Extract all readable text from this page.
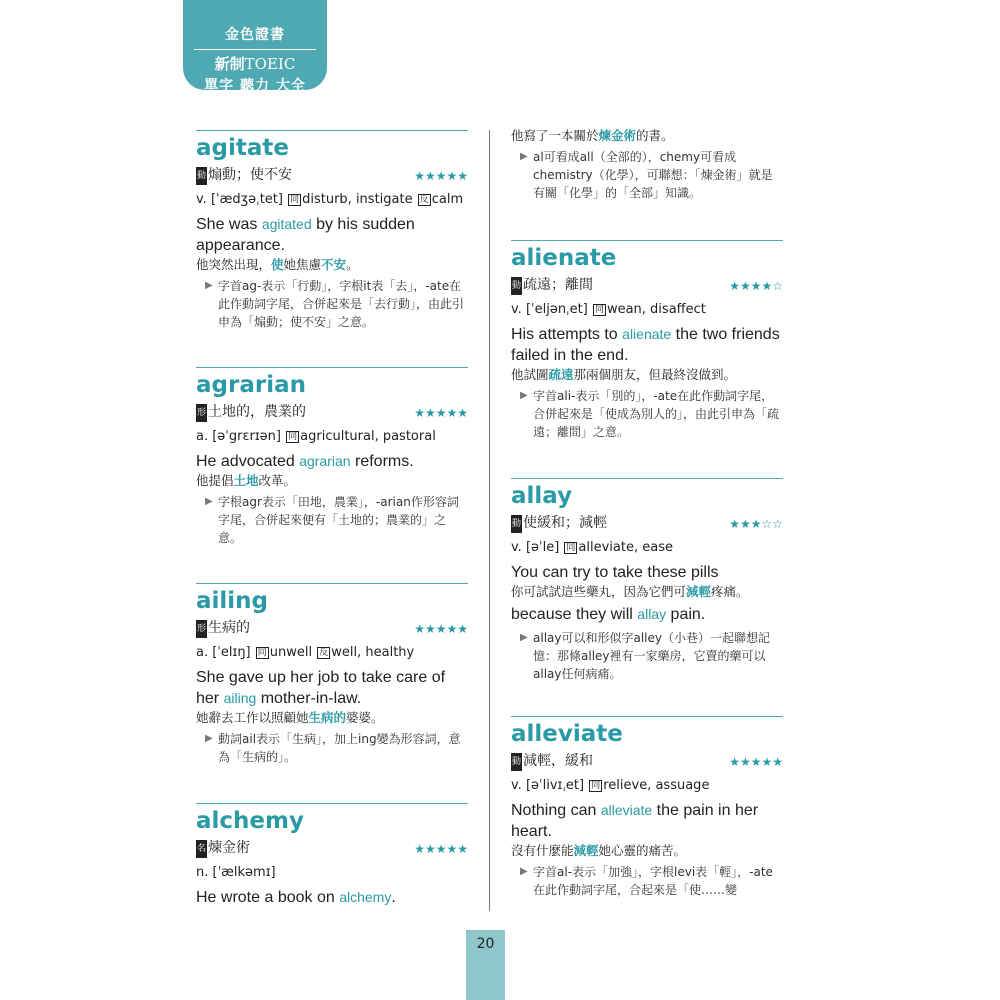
金色證書
新制TOEIC
單字 聽力 大全
agitate
動 煽動；使不安	★★★★★
v. [ˈædʒəˌtet] 同 disturb, instigate 反 calm
She was agitated by his sudden appearance.
他突然出現，使她焦慮不安。
▶ 字首ag-表示「行動」，字根it表「去」，-ate在此作動詞字尾，合併起來是「去行動」，由此引申為「煽動；使不安」之意。
agrarian
形 土地的，農業的	★★★★★
a. [əˈgrɛrɪən] 同 agricultural, pastoral
He advocated agrarian reforms.
他提倡土地改革。
▶ 字根agr表示「田地，農業」，-arian作形容詞字尾，合併起來便有「土地的；農業的」之意。
ailing
形 生病的	★★★★★
a. [ˈelɪŋ] 同 unwell 反 well, healthy
She gave up her job to take care of her ailing mother-in-law.
她辭去工作以照顧她生病的婆婆。
▶ 動詞ail表示「生病」，加上ing變為形容詞，意為「生病的」。
alchemy
名 煉金術	★★★★★
n. [ˈælkəmɪ]
He wrote a book on alchemy.
他寫了一本關於煉金術的書。
▶ al可看成all（全部的），chemy可看成chemistry（化學），可聯想：「煉金術」就是有關「化學」的「全部」知識。
alienate
動 疏遠；離間	★★★★☆
v. [ˈeljənˌet] 同 wean, disaffect
His attempts to alienate the two friends failed in the end.
他試圖疏遠那兩個朋友，但最終沒做到。
▶ 字首ali-表示「別的」，-ate在此作動詞字尾，合併起來是「使成為別人的」，由此引申為「疏遠；離間」之意。
allay
動 使緩和；減輕	★★★☆☆
v. [əˈle] 同 alleviate, ease
You can try to take these pills
你可試試這些藥丸，因為它們可減輕疼痛。
because they will allay pain.
▶ allay可以和形似字alley（小巷）一起聯想記憶：那條alley裡有一家藥房，它賣的藥可以allay任何病痛。
alleviate
動 減輕，緩和	★★★★★
v. [əˈlivɪˌet] 同 relieve, assuage
Nothing can alleviate the pain in her heart.
沒有什麼能減輕她心靈的痛苦。
▶ 字首al-表示「加強」，字根levi表「輕」，-ate在此作動詞字尾，合起來是「使……變
20
